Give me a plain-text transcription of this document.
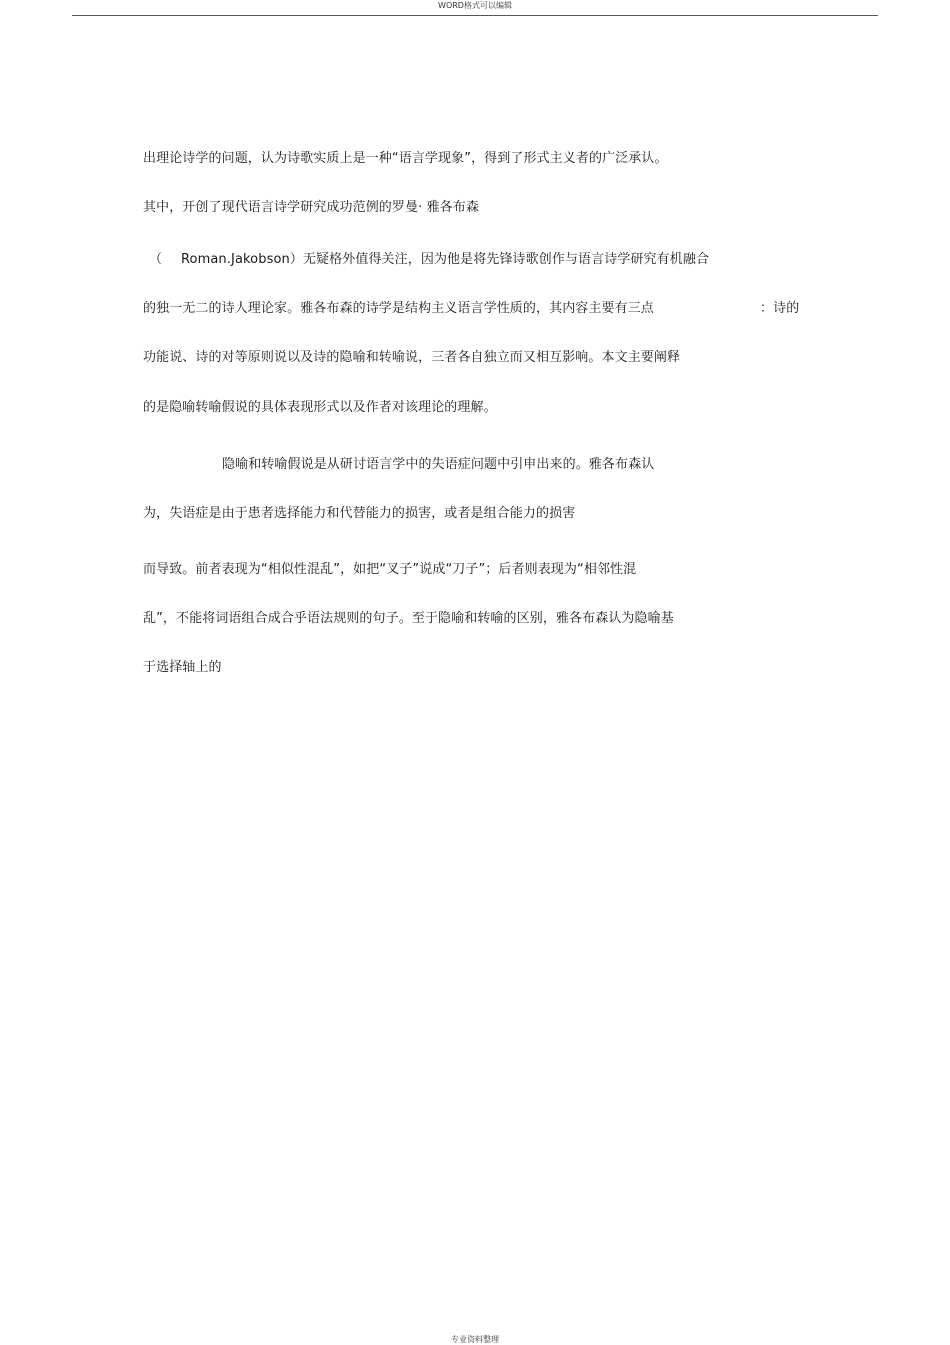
WORD格式可以编辑
出理论诗学的问题，认为诗歌实质上是一种“语言学现象”，得到了形式主义者的广泛承认。
其中，开创了现代语言诗学研究成功范例的罗曼· 雅各布森
（ Roman.Jakobson）无疑格外值得关注，因为他是将先锋诗歌创作与语言诗学研究有机融合
的独一无二的诗人理论家。雅各布森的诗学是结构主义语言学性质的，其内容主要有三点	：诗的
功能说、诗的对等原则说以及诗的隐喻和转喻说，三者各自独立而又相互影响。本文主要阐释
的是隐喻转喻假说的具体表现形式以及作者对该理论的理解。
隐喻和转喻假说是从研讨语言学中的失语症问题中引申出来的。雅各布森认
为，失语症是由于患者选择能力和代替能力的损害，或者是组合能力的损害
而导致。前者表现为“相似性混乱”，如把“叉子”说成“刀子”；后者则表现为“相邻性混
乱”，不能将词语组合成合乎语法规则的句子。至于隐喻和转喻的区别，雅各布森认为隐喻基
于选择轴上的
专业资料整理
